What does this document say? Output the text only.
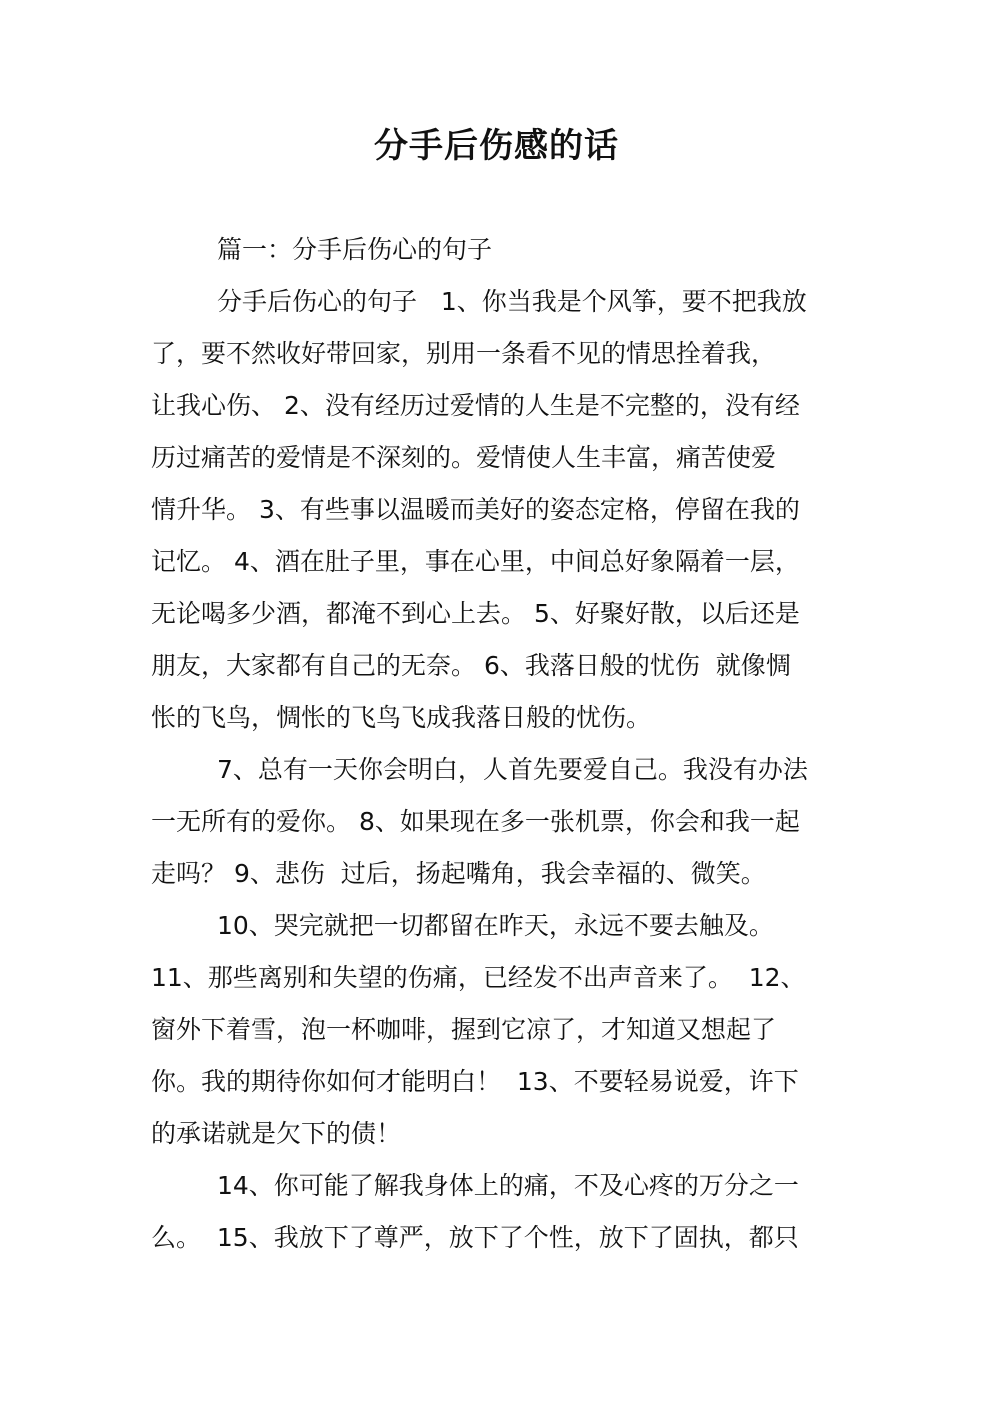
分手后伤感的话
篇一：分手后伤心的句子
分手后伤心的句子   1、你当我是个风筝，要不把我放
了，要不然收好带回家，别用一条看不见的情思拴着我，
让我心伤、 2、没有经历过爱情的人生是不完整的，没有经
历过痛苦的爱情是不深刻的。爱情使人生丰富，痛苦使爱
情升华。 3、有些事以温暖而美好的姿态定格，停留在我的
记忆。 4、酒在肚子里，事在心里，中间总好象隔着一层，
无论喝多少酒，都淹不到心上去。 5、好聚好散，以后还是
朋友，大家都有自己的无奈。 6、我落日般的忧伤  就像惆
怅的飞鸟，惆怅的飞鸟飞成我落日般的忧伤。
7、总有一天你会明白，人首先要爱自己。我没有办法
一无所有的爱你。 8、如果现在多一张机票，你会和我一起
走吗？ 9、悲伤  过后，扬起嘴角，我会幸福的、微笑。
10、哭完就把一切都留在昨天，永远不要去触及。
11、那些离别和失望的伤痛，已经发不出声音来了。  12、
窗外下着雪，泡一杯咖啡，握到它凉了，才知道又想起了
你。我的期待你如何才能明白！  13、不要轻易说爱，许下
的承诺就是欠下的债！
14、你可能了解我身体上的痛，不及心疼的万分之一
么。  15、我放下了尊严，放下了个性，放下了固执，都只
